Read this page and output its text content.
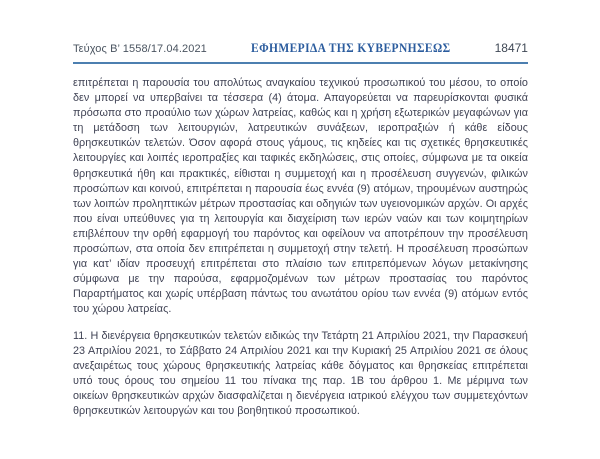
Τεύχος Β’ 1558/17.04.2021	ΕΦΗΜΕΡΙΔΑ ΤΗΣ ΚΥΒΕΡΝΗΣΕΩΣ	18471

επιτρέπεται η παρουσία του απολύτως αναγκαίου τεχνικού προσωπικού του μέσου, το οποίο δεν μπορεί να υπερβαίνει τα τέσσερα (4) άτομα. Απαγορεύεται να παρευρίσκονται φυσικά πρόσωπα στο προαύλιο των χώρων λατρείας, καθώς και η χρήση εξωτερικών μεγαφώνων για τη μετάδοση των λειτουργιών, λατρευτικών συνάξεων, ιεροπραξιών ή κάθε είδους θρησκευτικών τελετών. Όσον αφορά στους γάμους, τις κηδείες και τις σχετικές θρησκευτικές λειτουργίες και λοιπές ιεροπραξίες και ταφικές εκδηλώσεις, στις οποίες, σύμφωνα με τα οικεία θρησκευτικά ήθη και πρακτικές, είθισται η συμμετοχή και η προσέλευση συγγενών, φιλικών προσώπων και κοινού, επιτρέπεται η παρουσία έως εννέα (9) ατόμων, τηρουμένων αυστηρώς των λοιπών προληπτικών μέτρων προστασίας και οδηγιών των υγειονομικών αρχών. Οι αρχές που είναι υπεύθυνες για τη λειτουργία και διαχείριση των ιερών ναών και των κοιμητηρίων επιβλέπουν την ορθή εφαρμογή του παρόντος και οφείλουν να αποτρέπουν την προσέλευση προσώπων, στα οποία δεν επιτρέπεται η συμμετοχή στην τελετή. Η προσέλευση προσώπων για κατ’ ιδίαν προσευχή επιτρέπεται στο πλαίσιο των επιτρεπόμενων λόγων μετακίνησης σύμφωνα με την παρούσα, εφαρμοζομένων των μέτρων προστασίας του παρόντος Παραρτήματος και χωρίς υπέρβαση πάντως του ανωτάτου ορίου των εννέα (9) ατόμων εντός του χώρου λατρείας.

11. Η διενέργεια θρησκευτικών τελετών ειδικώς την Τετάρτη 21 Απριλίου 2021, την Παρασκευή 23 Απριλίου 2021, το Σάββατο 24 Απριλίου 2021 και την Κυριακή 25 Απριλίου 2021 σε όλους ανεξαιρέτως τους χώρους θρησκευτικής λατρείας κάθε δόγματος και θρησκείας επιτρέπεται υπό τους όρους του σημείου 11 του πίνακα της παρ. 1Β του άρθρου 1. Με μέριμνα των οικείων θρησκευτικών αρχών διασφαλίζεται η διενέργεια ιατρικού ελέγχου των συμμετεχόντων θρησκευτικών λειτουργών και του βοηθητικού προσωπικού.
